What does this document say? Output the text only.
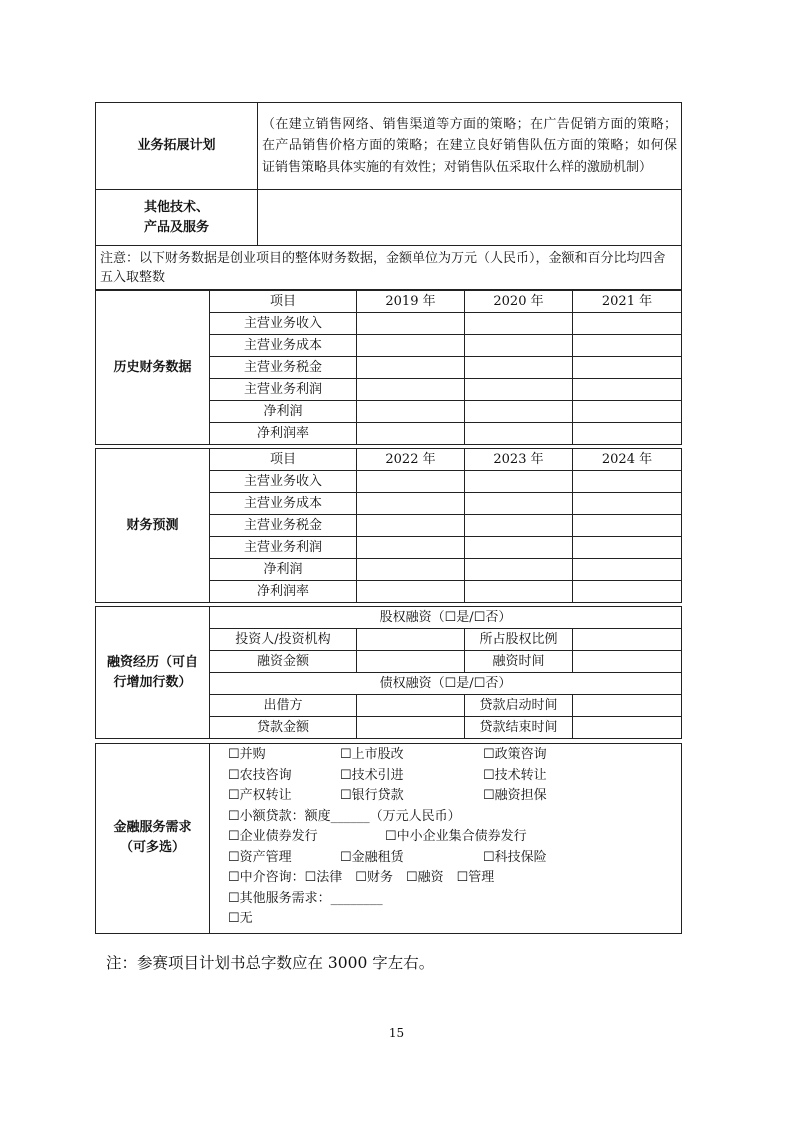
业务拓展计划	（在建立销售网络、销售渠道等方面的策略；在广告促销方面的策略；在产品销售价格方面的策略；在建立良好销售队伍方面的策略；如何保证销售策略具体实施的有效性；对销售队伍采取什么样的激励机制）

其他技术、
产品及服务	

注意：以下财务数据是创业项目的整体财务数据，金额单位为万元（人民币），金额和百分比均四舍五入取整数	
历史财务数据	项目	2019 年	2020 年	2021 年
	主营业务收入			
	主营业务成本			
	主营业务税金			
	主营业务利润			
	净利润			
	净利润率			
财务预测	项目	2022 年	2023 年	2024 年
	主营业务收入			
	主营业务成本			
	主营业务税金			
	主营业务利润			
	净利润			
	净利润率			
融资经历（可自
行增加行数）	股权融资（☐是/☐否）			
	投资人/投资机构		所占股权比例	
	融资金额		融资时间	
	债权融资（☐是/☐否）			
	出借方		贷款启动时间	
	贷款金额		贷款结束时间	
金融服务需求
（可多选）

☐并购	☐上市股改	☐政策咨询
☐农技咨询	☐技术引进	☐技术转让
☐产权转让	☐银行贷款	☐融资担保
☐小额贷款：额度______（万元人民币）
☐企业债券发行	☐中小企业集合债券发行
☐资产管理	☐金融租赁	☐科技保险
☐中介咨询：☐法律　☐财务　☐融资　☐管理
☐其他服务需求：________
☐无
注：参赛项目计划书总字数应在 3000 字左右。
15
